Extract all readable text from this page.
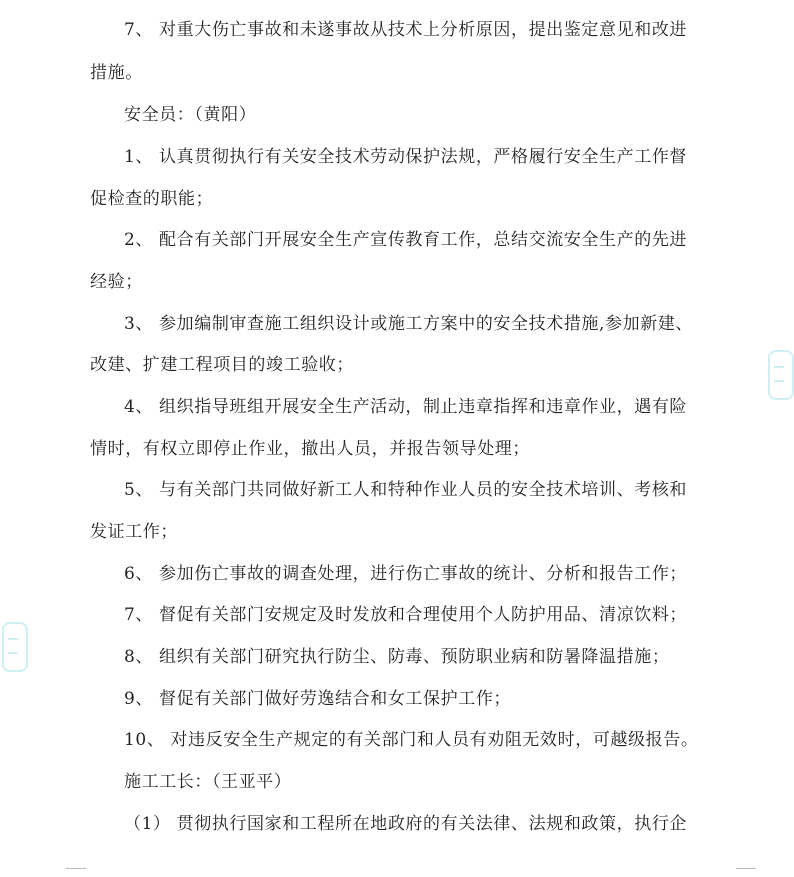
7、 对重大伤亡事故和未遂事故从技术上分析原因，提出鉴定意见和改进
措施。
安全员：（黄阳）
1、 认真贯彻执行有关安全技术劳动保护法规，严格履行安全生产工作督
促检查的职能；
2、 配合有关部门开展安全生产宣传教育工作，总结交流安全生产的先进
经验；
3、 参加编制审查施工组织设计或施工方案中的安全技术措施,参加新建、
改建、扩建工程项目的竣工验收；
4、 组织指导班组开展安全生产活动，制止违章指挥和违章作业，遇有险
情时，有权立即停止作业，撤出人员，并报告领导处理；
5、 与有关部门共同做好新工人和特种作业人员的安全技术培训、考核和
发证工作；
6、 参加伤亡事故的调查处理，进行伤亡事故的统计、分析和报告工作；
7、 督促有关部门安规定及时发放和合理使用个人防护用品、清凉饮料；
8、 组织有关部门研究执行防尘、防毒、预防职业病和防暑降温措施；
9、 督促有关部门做好劳逸结合和女工保护工作；
10、 对违反安全生产规定的有关部门和人员有劝阻无效时，可越级报告。
施工工长：（王亚平）
（1） 贯彻执行国家和工程所在地政府的有关法律、法规和政策，执行企
